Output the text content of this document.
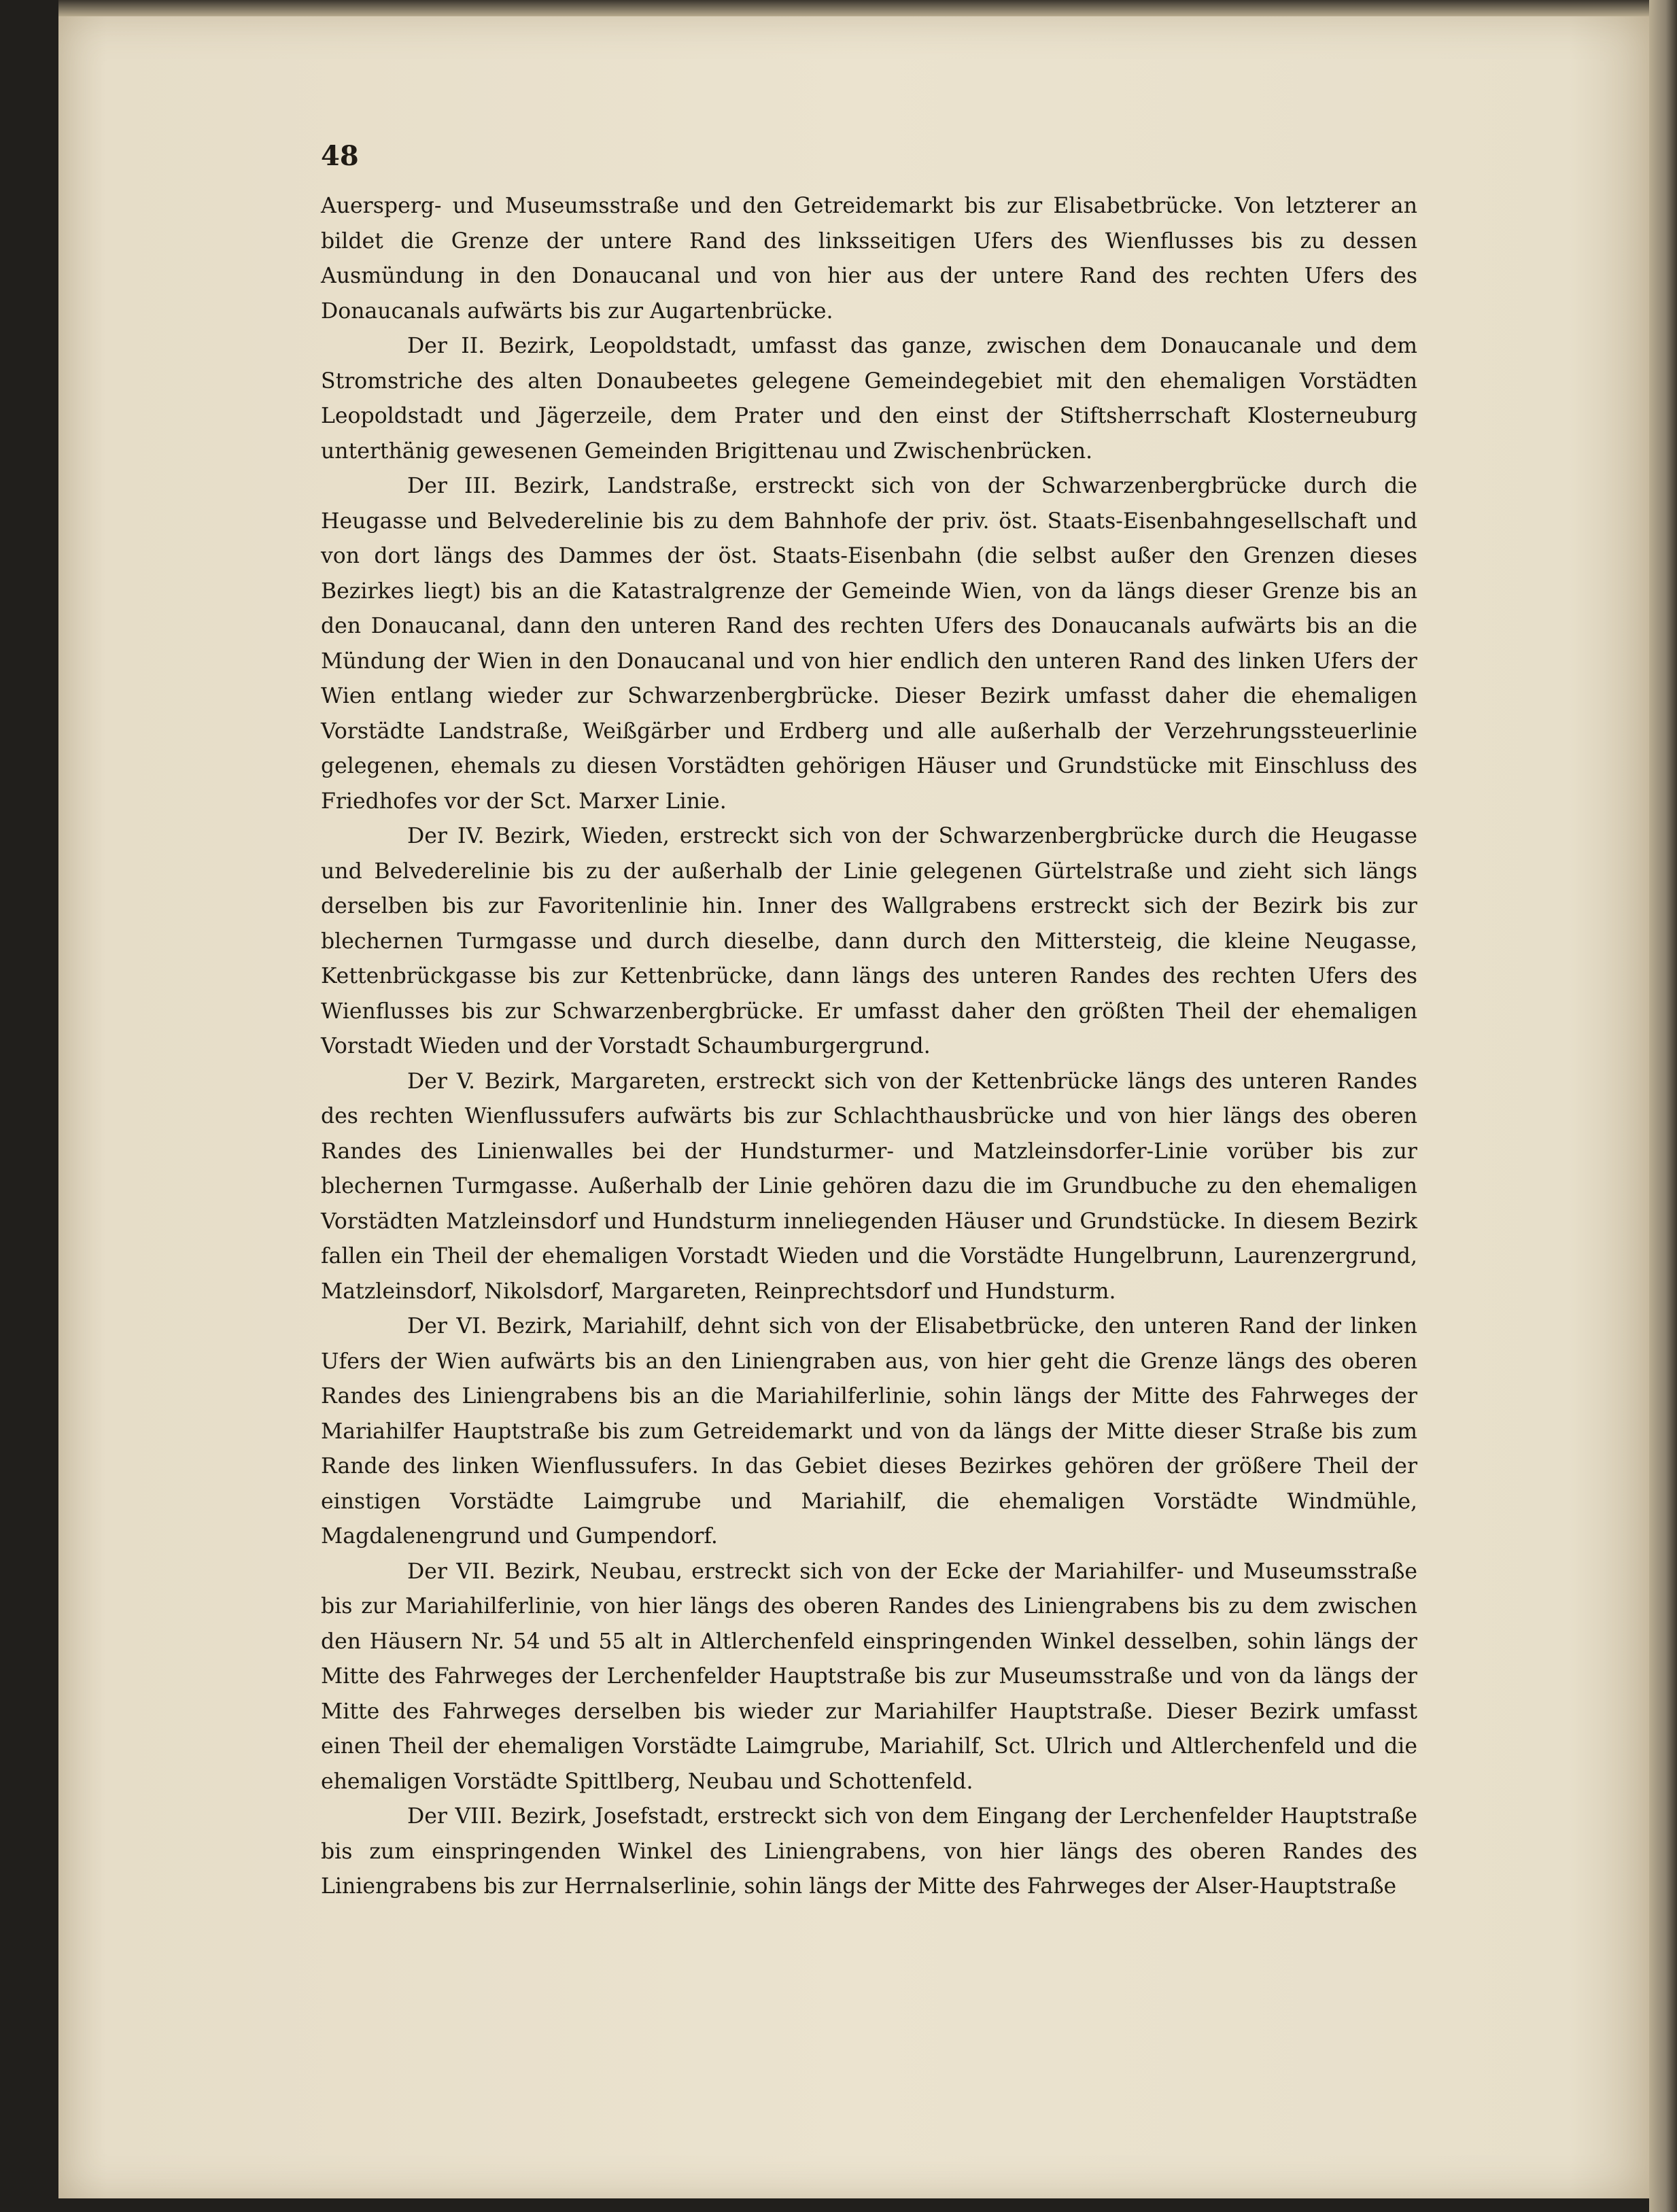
48

Auersperg- und Museumsstraße und den Getreidemarkt bis zur Elisabetbrücke. Von letzterer an bildet die Grenze der untere Rand des linksseitigen Ufers des Wienflusses bis zu dessen Ausmündung in den Donaucanal und von hier aus der untere Rand des rechten Ufers des Donaucanals aufwärts bis zur Augartenbrücke.

Der II. Bezirk, Leopoldstadt, umfasst das ganze, zwischen dem Donaucanale und dem Stromstriche des alten Donaubeetes gelegene Gemeindegebiet mit den ehemaligen Vorstädten Leopoldstadt und Jägerzeile, dem Prater und den einst der Stiftsherrschaft Klosterneuburg unterthänig gewesenen Gemeinden Brigittenau und Zwischenbrücken.

Der III. Bezirk, Landstraße, erstreckt sich von der Schwarzenbergbrücke durch die Heugasse und Belvederelinie bis zu dem Bahnhofe der priv. öst. Staats-Eisenbahngesellschaft und von dort längs des Dammes der öst. Staats-Eisenbahn (die selbst außer den Grenzen dieses Bezirkes liegt) bis an die Katastralgrenze der Gemeinde Wien, von da längs dieser Grenze bis an den Donaucanal, dann den unteren Rand des rechten Ufers des Donaucanals aufwärts bis an die Mündung der Wien in den Donaucanal und von hier endlich den unteren Rand des linken Ufers der Wien entlang wieder zur Schwarzenbergbrücke. Dieser Bezirk umfasst daher die ehemaligen Vorstädte Landstraße, Weißgärber und Erdberg und alle außerhalb der Verzehrungssteuerlinie gelegenen, ehemals zu diesen Vorstädten gehörigen Häuser und Grundstücke mit Einschluss des Friedhofes vor der Sct. Marxer Linie.

Der IV. Bezirk, Wieden, erstreckt sich von der Schwarzenbergbrücke durch die Heugasse und Belvederelinie bis zu der außerhalb der Linie gelegenen Gürtelstraße und zieht sich längs derselben bis zur Favoritenlinie hin. Inner des Wallgrabens erstreckt sich der Bezirk bis zur blechernen Turmgasse und durch dieselbe, dann durch den Mittersteig, die kleine Neugasse, Kettenbrückgasse bis zur Kettenbrücke, dann längs des unteren Randes des rechten Ufers des Wienflusses bis zur Schwarzenbergbrücke. Er umfasst daher den größten Theil der ehemaligen Vorstadt Wieden und der Vorstadt Schaumburgergrund.

Der V. Bezirk, Margareten, erstreckt sich von der Kettenbrücke längs des unteren Randes des rechten Wienflussufers aufwärts bis zur Schlachthausbrücke und von hier längs des oberen Randes des Linienwalles bei der Hundsturmer- und Matzleinsdorfer-Linie vorüber bis zur blechernen Turmgasse. Außerhalb der Linie gehören dazu die im Grundbuche zu den ehemaligen Vorstädten Matzleinsdorf und Hundsturm inneliegenden Häuser und Grundstücke. In diesem Bezirk fallen ein Theil der ehemaligen Vorstadt Wieden und die Vorstädte Hungelbrunn, Laurenzergrund, Matzleinsdorf, Nikolsdorf, Margareten, Reinprechtsdorf und Hundsturm.

Der VI. Bezirk, Mariahilf, dehnt sich von der Elisabetbrücke, den unteren Rand der linken Ufers der Wien aufwärts bis an den Liniengraben aus, von hier geht die Grenze längs des oberen Randes des Liniengrabens bis an die Mariahilferlinie, sohin längs der Mitte des Fahrweges der Mariahilfer Hauptstraße bis zum Getreidemarkt und von da längs der Mitte dieser Straße bis zum Rande des linken Wienflussufers. In das Gebiet dieses Bezirkes gehören der größere Theil der einstigen Vorstädte Laimgrube und Mariahilf, die ehemaligen Vorstädte Windmühle, Magdalenengrund und Gumpendorf.

Der VII. Bezirk, Neubau, erstreckt sich von der Ecke der Mariahilfer- und Museumsstraße bis zur Mariahilferlinie, von hier längs des oberen Randes des Liniengrabens bis zu dem zwischen den Häusern Nr. 54 und 55 alt in Altlerchenfeld einspringenden Winkel desselben, sohin längs der Mitte des Fahrweges der Lerchenfelder Hauptstraße bis zur Museumsstraße und von da längs der Mitte des Fahrweges derselben bis wieder zur Mariahilfer Hauptstraße. Dieser Bezirk umfasst einen Theil der ehemaligen Vorstädte Laimgrube, Mariahilf, Sct. Ulrich und Altlerchenfeld und die ehemaligen Vorstädte Spittlberg, Neubau und Schottenfeld.

Der VIII. Bezirk, Josefstadt, erstreckt sich von dem Eingang der Lerchenfelder Hauptstraße bis zum einspringenden Winkel des Liniengrabens, von hier längs des oberen Randes des Liniengrabens bis zur Herrnalserlinie, sohin längs der Mitte des Fahrweges der Alser-Hauptstraße
